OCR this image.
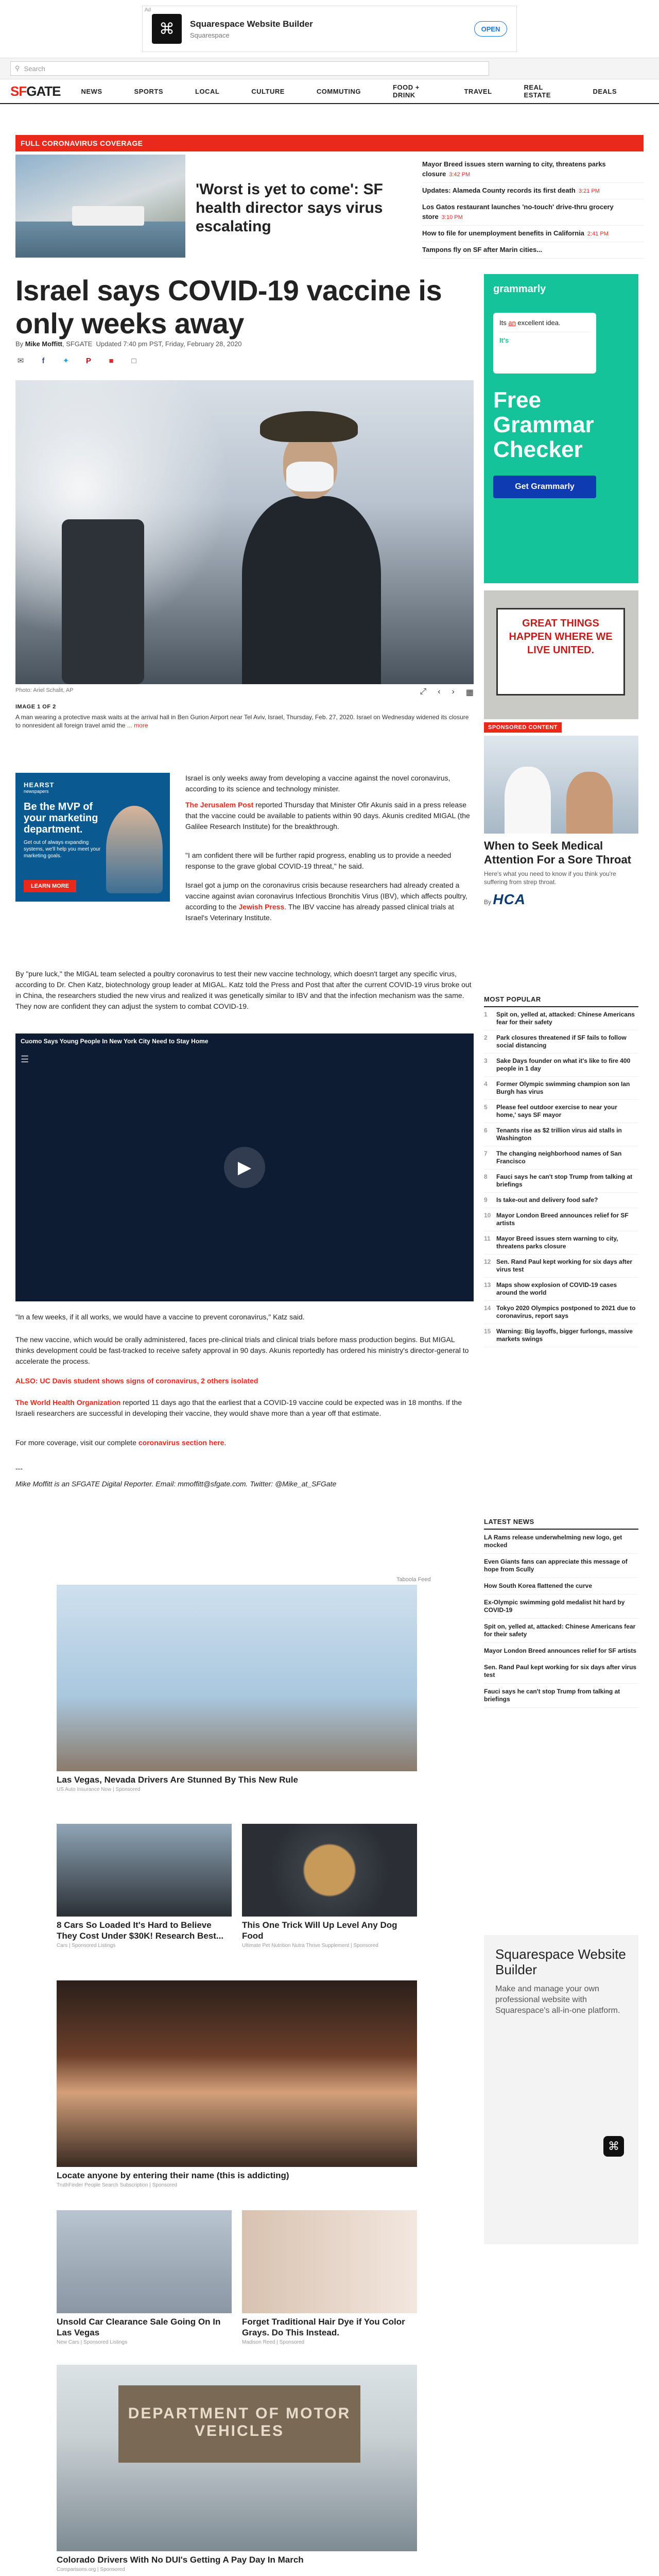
Ad
⌘	Squarespace Website Builder
Squarespace
OPEN
⚲ Search
SFGATE	NEWS	SPORTS	LOCAL	CULTURE	COMMUTING	FOOD + DRINK	TRAVEL	REAL ESTATE	DEALS
FULL CORONAVIRUS COVERAGE
'Worst is yet to come': SF health director says virus escalating
Mayor Breed issues stern warning to city, threatens parks closure 3:42 PM
Updates: Alameda County records its first death 3:21 PM
Los Gatos restaurant launches 'no-touch' drive-thru grocery store 3:10 PM
How to file for unemployment benefits in California 2:41 PM
Tampons fly on SF after Marin cities...
Israel says COVID-19 vaccine is only weeks away
By Mike Moffitt, SFGATE Updated 7:40 pm PST, Friday, February 28, 2020
✉	f	✦	P	■	□
Photo: Ariel Schalit, AP	⤢ ‹ › ▦
IMAGE 1 OF 2
A man wearing a protective mask waits at the arrival hall in Ben Gurion Airport near Tel Aviv, Israel, Thursday, Feb. 27, 2020. Israel on Wednesday widened its closure to nonresident all foreign travel amid the ... more
HEARST
newspapers
Be the MVP of your marketing department.
Get out of always expanding systems, we'll help you meet your marketing goals.
LEARN MORE

Israel is only weeks away from developing a vaccine against the novel coronavirus, according to its science and technology minister.

The Jerusalem Post reported Thursday that Minister Ofir Akunis said in a press release that the vaccine could be available to patients within 90 days. Akunis credited MIGAL (the Galilee Research Institute) for the breakthrough.

"I am confident there will be further rapid progress, enabling us to provide a needed response to the grave global COVID-19 threat," he said.

Israel got a jump on the coronavirus crisis because researchers had already created a vaccine against avian coronavirus Infectious Bronchitis Virus (IBV), which affects poultry, according to the Jewish Press. The IBV vaccine has already passed clinical trials at Israel's Veterinary Institute.

By "pure luck," the MIGAL team selected a poultry coronavirus to test their new vaccine technology, which doesn't target any specific virus, according to Dr. Chen Katz, biotechnology group leader at MIGAL. Katz told the Press and Post that after the current COVID-19 virus broke out in China, the researchers studied the new virus and realized it was genetically similar to IBV and that the infection mechanism was the same. They now are confident they can adjust the system to combat COVID-19.

Cuomo Says Young People In New York City Need to Stay Home
☰
▶

"In a few weeks, if it all works, we would have a vaccine to prevent coronavirus," Katz said.

The new vaccine, which would be orally administered, faces pre-clinical trials and clinical trials before mass production begins. But MIGAL thinks development could be fast-tracked to receive safety approval in 90 days. Akunis reportedly has ordered his ministry's director-general to accelerate the process.

ALSO: UC Davis student shows signs of coronavirus, 2 others isolated

The World Health Organization reported 11 days ago that the earliest that a COVID-19 vaccine could be expected was in 18 months. If the Israeli researchers are successful in developing their vaccine, they would shave more than a year off that estimate.

For more coverage, visit our complete coronavirus section here.

---

Mike Moffitt is an SFGATE Digital Reporter. Email: mmoffitt@sfgate.com. Twitter: @Mike_at_SFGate

grammarly
Its an excellent idea.
It's
Free Grammar Checker
Get Grammarly
GREAT THINGS HAPPEN WHERE WE LIVE UNITED.
SPONSORED CONTENT
When to Seek Medical Attention For a Sore Throat
Here's what you need to know if you think you're suffering from strep throat.
By HCA
MOST POPULAR
1	Spit on, yelled at, attacked: Chinese Americans fear for their safety
2	Park closures threatened if SF fails to follow social distancing
3	Sake Days founder on what it's like to fire 400 people in 1 day
4	Former Olympic swimming champion son Ian Burgh has virus
5	Please feel outdoor exercise to near your home,' says SF mayor
6	Tenants rise as $2 trillion virus aid stalls in Washington
7	The changing neighborhood names of San Francisco
8	Fauci says he can't stop Trump from talking at briefings
9	Is take-out and delivery food safe?
10 Mayor London Breed announces relief for SF artists
11 Mayor Breed issues stern warning to city, threatens parks closure
12 Sen. Rand Paul kept working for six days after virus test
13 Maps show explosion of COVID-19 cases around the world
14 Tokyo 2020 Olympics postponed to 2021 due to coronavirus, report says
15 Warning: Big layoffs, bigger furlongs, massive markets swings
LATEST NEWS
LA Rams release underwhelming new logo, get mocked
Even Giants fans can appreciate this message of hope from Scully
How South Korea flattened the curve
Ex-Olympic swimming gold medalist hit hard by COVID-19
Spit on, yelled at, attacked: Chinese Americans fear for their safety
Mayor London Breed announces relief for SF artists
Sen. Rand Paul kept working for six days after virus test
Fauci says he can't stop Trump from talking at briefings
Squarespace Website Builder
Make and manage your own professional website with Squarespace's all-in-one platform.
⌘
Taboola Feed
Las Vegas, Nevada Drivers Are Stunned By This New Rule
US Auto Insurance Now | Sponsored
8 Cars So Loaded It's Hard to Believe They Cost Under $30K! Research Best...
Cars | Sponsored Listings
This One Trick Will Up Level Any Dog Food
Ultimate Pet Nutrition Nutra Thrive Supplement | Sponsored
Locate anyone by entering their name (this is addicting)
TruthFinder People Search Subscription | Sponsored
Unsold Car Clearance Sale Going On In Las Vegas
New Cars | Sponsored Listings
Forget Traditional Hair Dye if You Color Grays. Do This Instead.
Madison Reed | Sponsored
DEPARTMENT OF MOTOR VEHICLES
Colorado Drivers With No DUI's Getting A Pay Day In March
Comparisons.org | Sponsored
